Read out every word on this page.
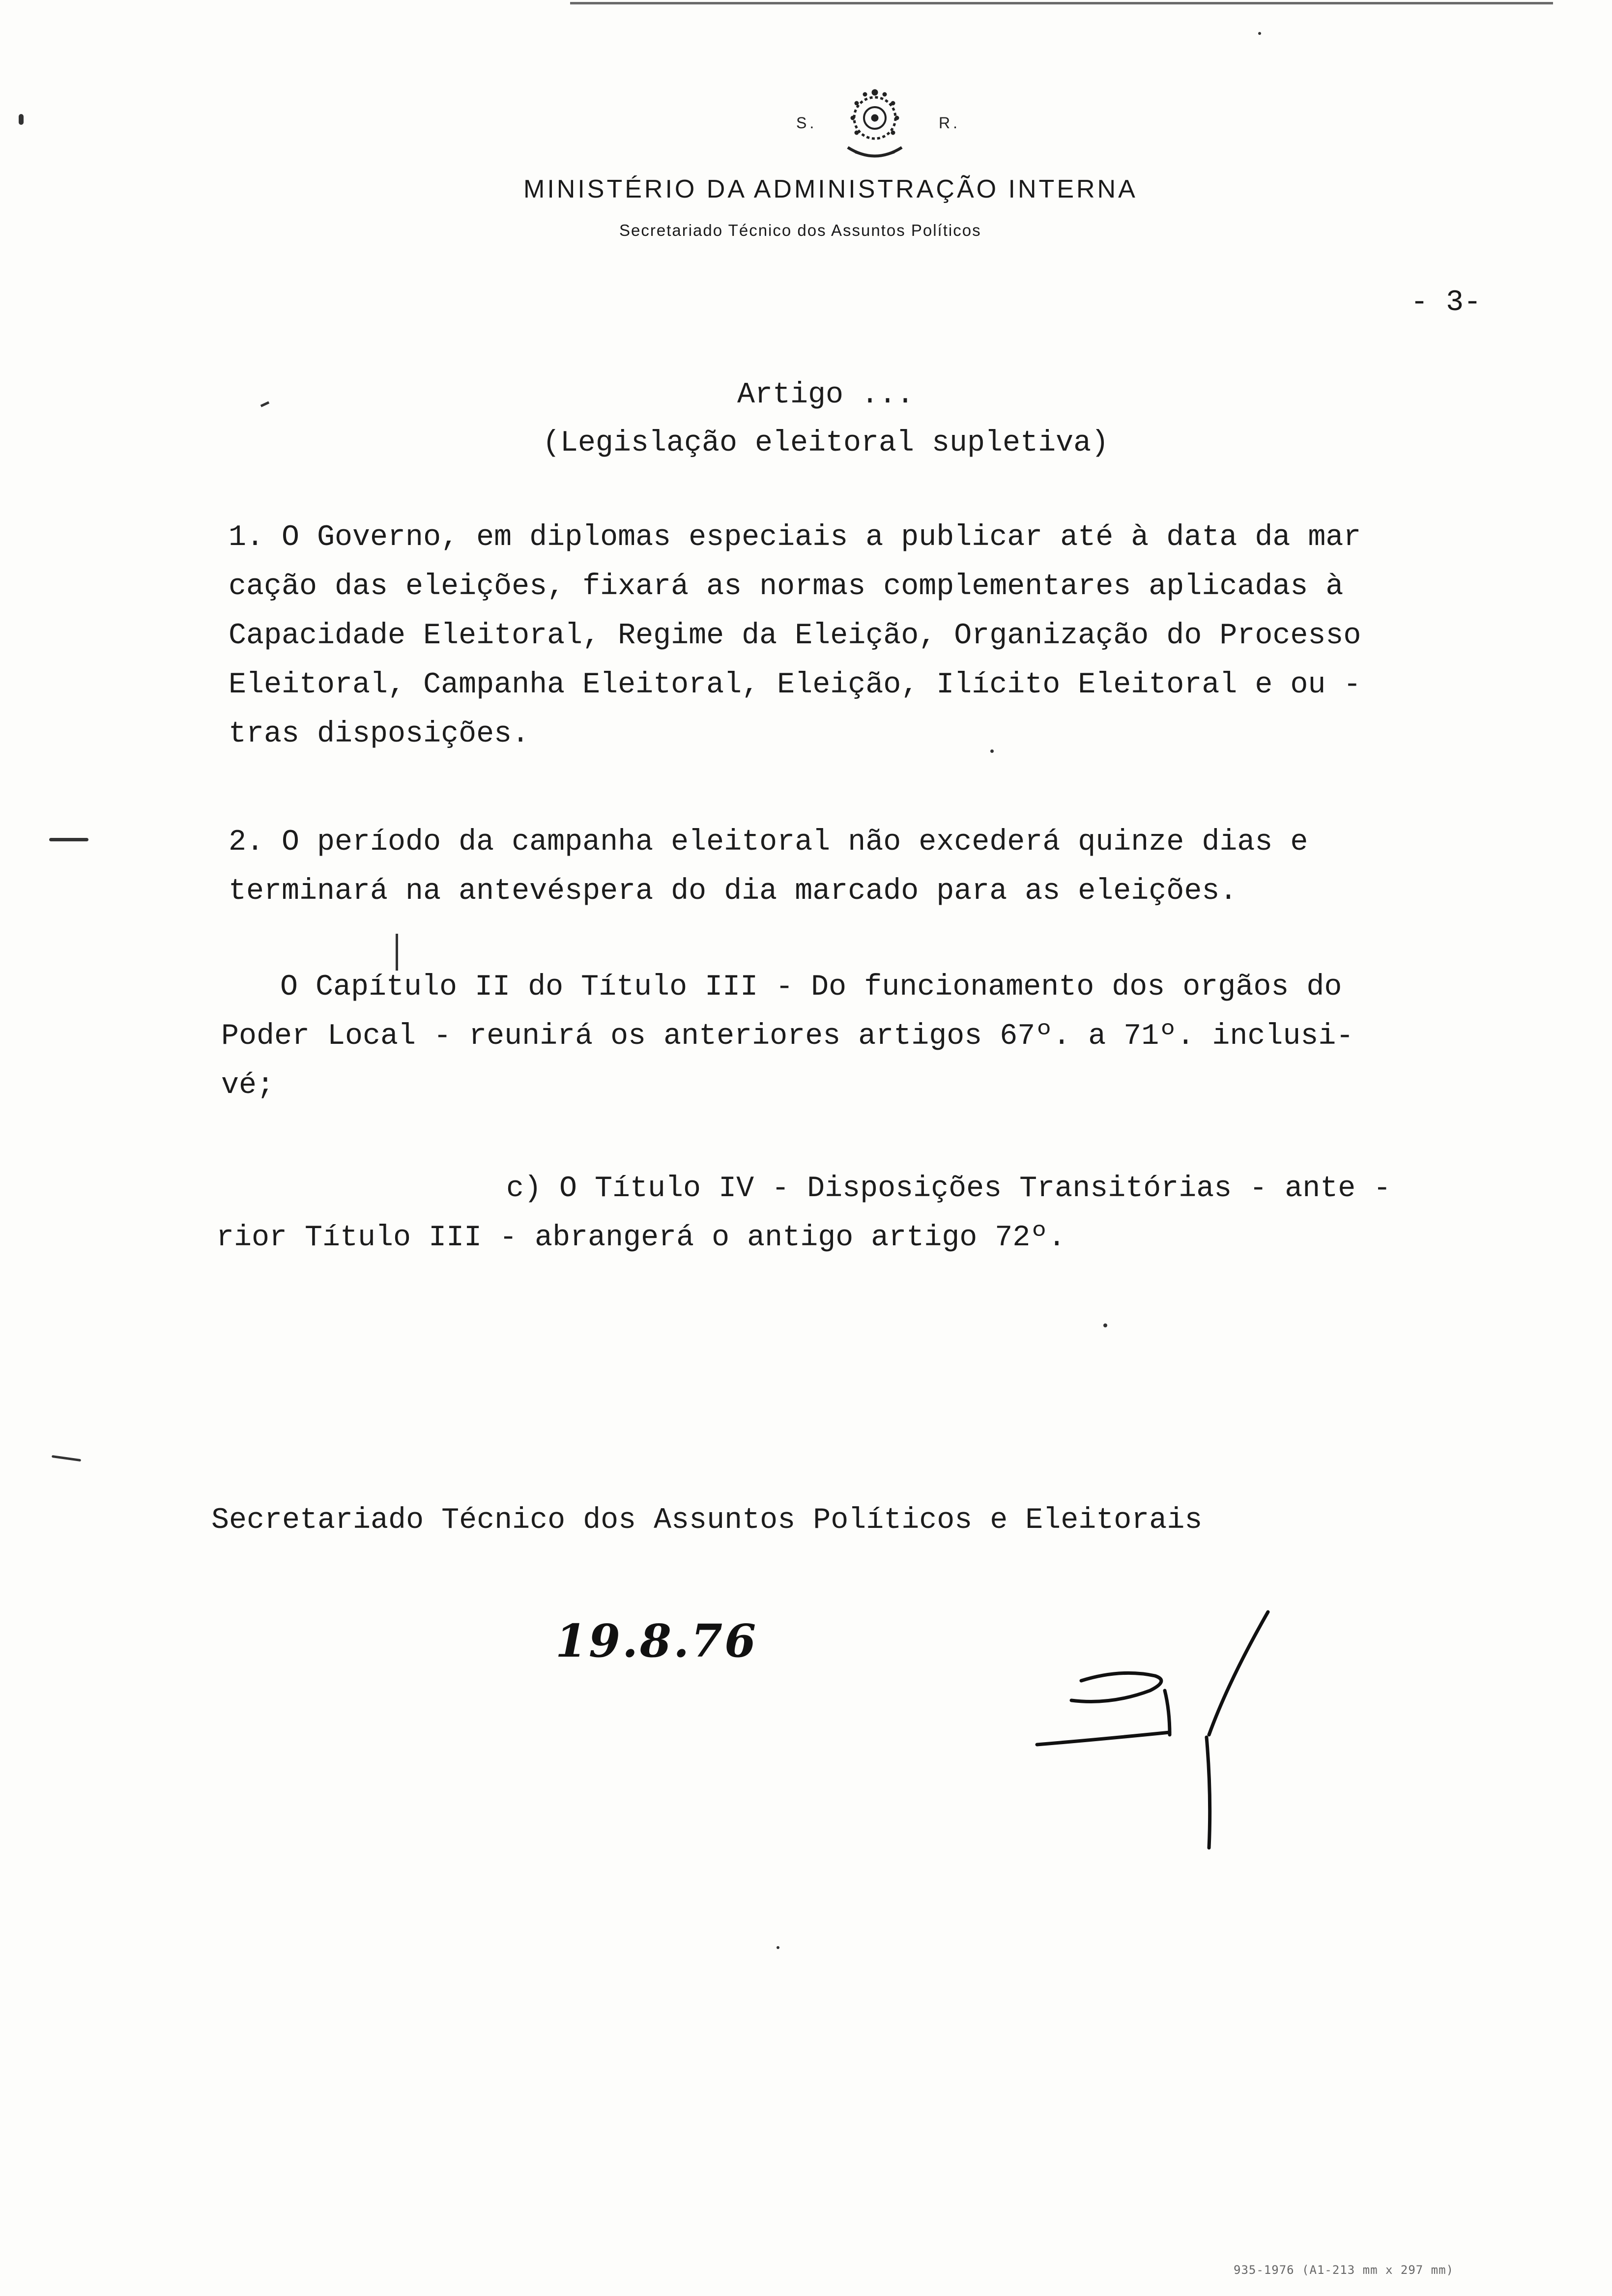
S.	R.
MINISTÉRIO DA ADMINISTRAÇÃO INTERNA
Secretariado Técnico dos Assuntos Políticos
- 3-
Artigo ...
(Legislação eleitoral supletiva)

1. O Governo, em diplomas especiais a publicar até à data da mar

cação das eleições, fixará as normas complementares aplicadas à

Capacidade Eleitoral, Regime da Eleição, Organização do Processo

Eleitoral, Campanha Eleitoral, Eleição, Ilícito Eleitoral e ou -

tras disposições.

2. O período da campanha eleitoral não excederá quinze dias e

terminará na antevéspera do dia marcado para as eleições.

O Capítulo II do Título III - Do funcionamento dos orgãos do

Poder Local - reunirá os anteriores artigos 67º. a 71º. inclusi-

vé;

c) O Título IV - Disposições Transitórias - ante -

rior Título III - abrangerá o antigo artigo 72º.

Secretariado Técnico dos Assuntos Políticos e Eleitorais
19.8.76
935-1976 (A1-213 mm x 297 mm)
